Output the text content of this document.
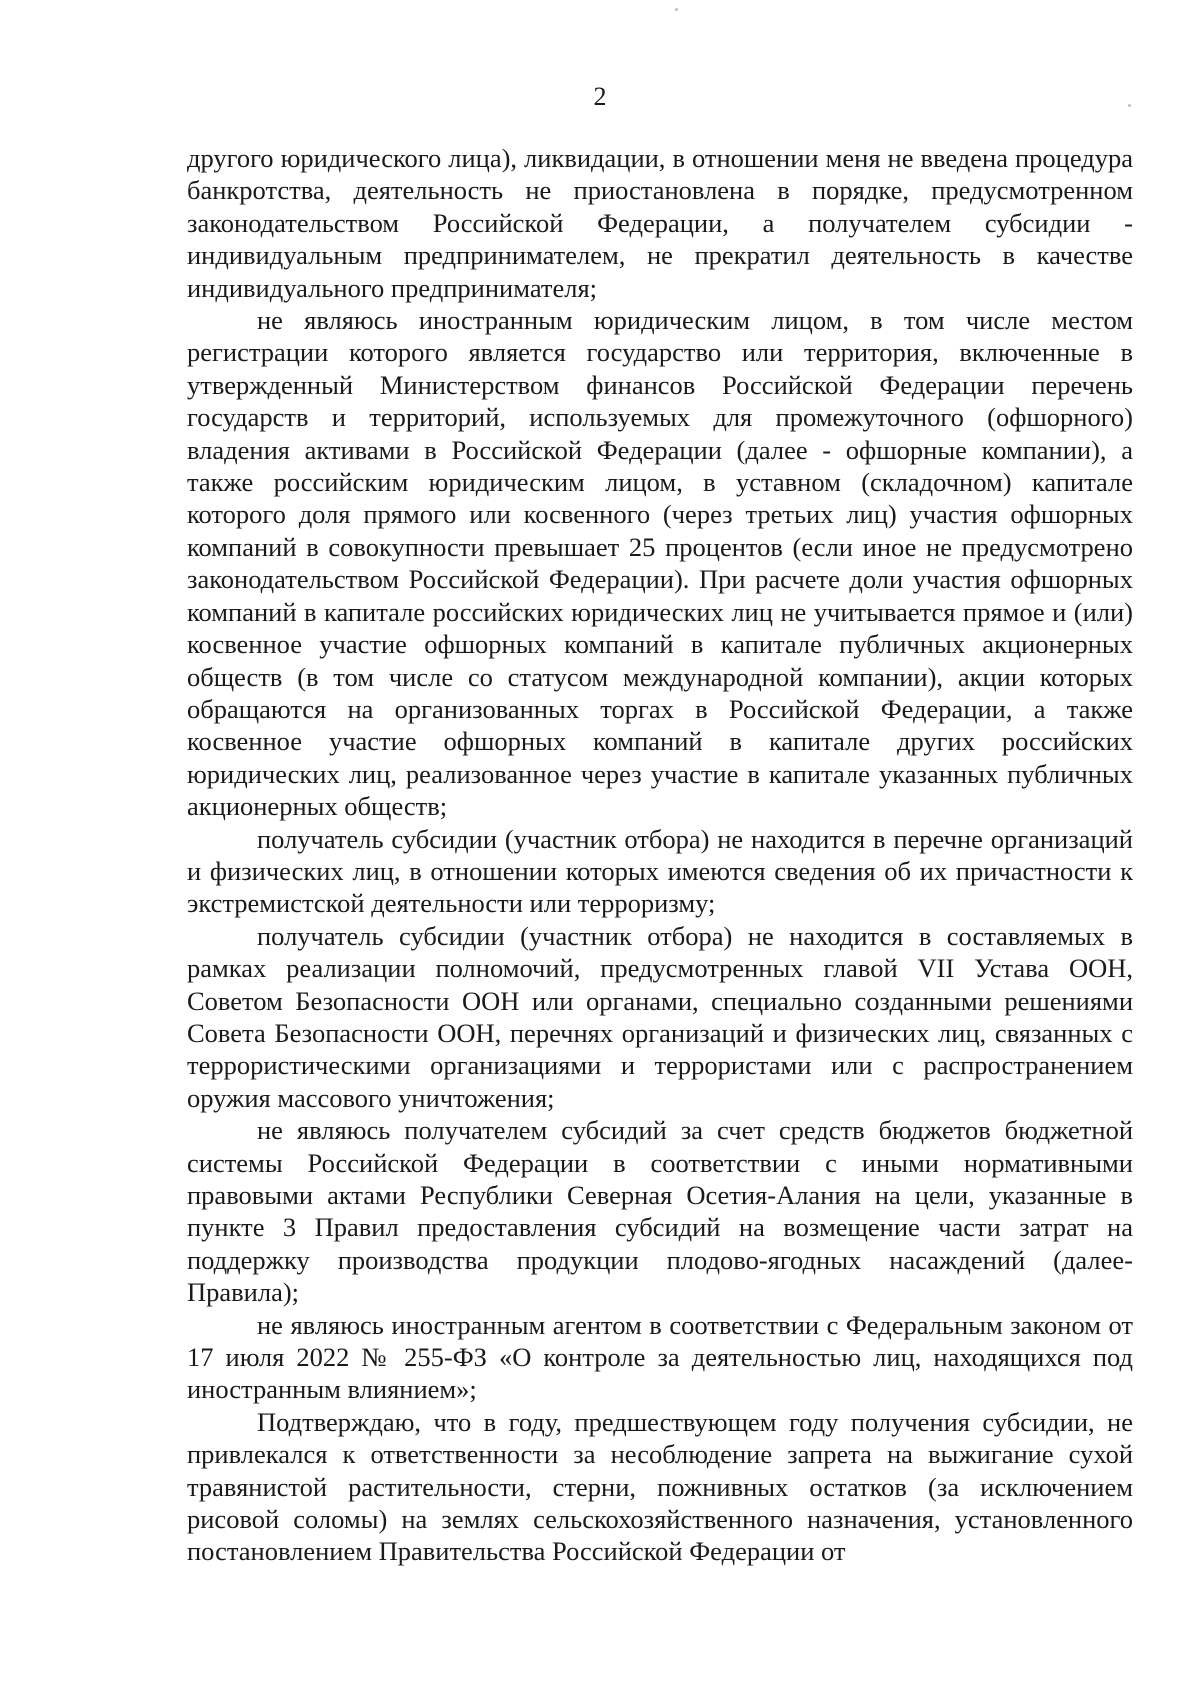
2

другого юридического лица), ликвидации, в отношении меня не введена процедура банкротства, деятельность не приостановлена в порядке, предусмотренном законодательством Российской Федерации, а получателем субсидии - индивидуальным предпринимателем, не прекратил деятельность в качестве индивидуального предпринимателя;

не являюсь иностранным юридическим лицом, в том числе местом регистрации которого является государство или территория, включенные в утвержденный Министерством финансов Российской Федерации перечень государств и территорий, используемых для промежуточного (офшорного) владения активами в Российской Федерации (далее - офшорные компании), а также российским юридическим лицом, в уставном (складочном) капитале которого доля прямого или косвенного (через третьих лиц) участия офшорных компаний в совокупности превышает 25 процентов (если иное не предусмотрено законодательством Российской Федерации). При расчете доли участия офшорных компаний в капитале российских юридических лиц не учитывается прямое и (или) косвенное участие офшорных компаний в капитале публичных акционерных обществ (в том числе со статусом международной компании), акции которых обращаются на организованных торгах в Российской Федерации, а также косвенное участие офшорных компаний в капитале других российских юридических лиц, реализованное через участие в капитале указанных публичных акционерных обществ;

получатель субсидии (участник отбора) не находится в перечне организаций и физических лиц, в отношении которых имеются сведения об их причастности к экстремистской деятельности или терроризму;

получатель субсидии (участник отбора) не находится в составляемых в рамках реализации полномочий, предусмотренных главой VII Устава ООН, Советом Безопасности ООН или органами, специально созданными решениями Совета Безопасности ООН, перечнях организаций и физических лиц, связанных с террористическими организациями и террористами или с распространением оружия массового уничтожения;

не являюсь получателем субсидий за счет средств бюджетов бюджетной системы Российской Федерации в соответствии с иными нормативными правовыми актами Республики Северная Осетия-Алания на цели, указанные в пункте 3 Правил предоставления субсидий на возмещение части затрат на поддержку производства продукции плодово-ягодных насаждений (далее-Правила);

не являюсь иностранным агентом в соответствии с Федеральным законом от 17 июля 2022 № 255-ФЗ «О контроле за деятельностью лиц, находящихся под иностранным влиянием»;

Подтверждаю, что в году, предшествующем году получения субсидии, не привлекался к ответственности за несоблюдение запрета на выжигание сухой травянистой растительности, стерни, пожнивных остатков (за исключением рисовой соломы) на землях сельскохозяйственного назначения, установленного постановлением Правительства Российской Федерации от
